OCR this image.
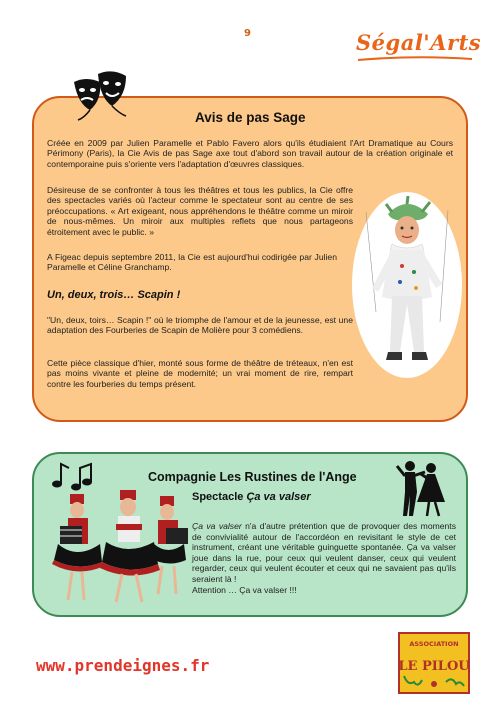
9	Ségal'Arts
Avis de pas Sage
Créée en 2009 par Julien Paramelle et Pablo Favero alors qu'ils étudiaient l'Art Dramatique au Cours Périmony (Paris), la Cie Avis de pas Sage axe tout d'abord son travail autour de la création originale et contemporaine puis s'oriente vers l'adaptation d'œuvres classiques.
Désireuse de se confronter à tous les théâtres et tous les publics, la Cie offre des spectacles variés où l'acteur comme le spectateur sont au centre de ses préoccupations. « Art exigeant, nous appréhendons le théâtre comme un miroir de nous-mêmes. Un miroir aux multiples reflets que nous partageons étroitement avec le public. »
A Figeac depuis septembre 2011, la Cie est aujourd'hui codirigée par Julien Paramelle et Céline Granchamp.
Un, deux, trois… Scapin !
"Un, deux, toirs… Scapin !" où le triomphe de l'amour et de la jeunesse, est une adaptation des Fourberies de Scapin de Molière pour 3 comédiens.
Cette pièce classique d'hier, monté sous forme de théâtre de tréteaux, n'en est pas moins vivante et pleine de modernité; un vrai moment de rire, rempart contre les fourberies du temps présent.
Compagnie Les Rustines de l'Ange
Spectacle Ça va valser
Ça va valser n'a d'autre prétention que de provoquer des moments de convivialité autour de l'accordéon en revisitant le style de cet instrument, créant une véritable guinguette spontanée. Ça va valser joue dans la rue, pour ceux qui veulent danser, ceux qui veulent regarder, ceux qui veulent écouter et ceux qui ne savaient pas qu'ils seraient là !
Attention … Ça va valser !!!
www.prendeignes.fr
ASSOCIATION
LE PILOU
